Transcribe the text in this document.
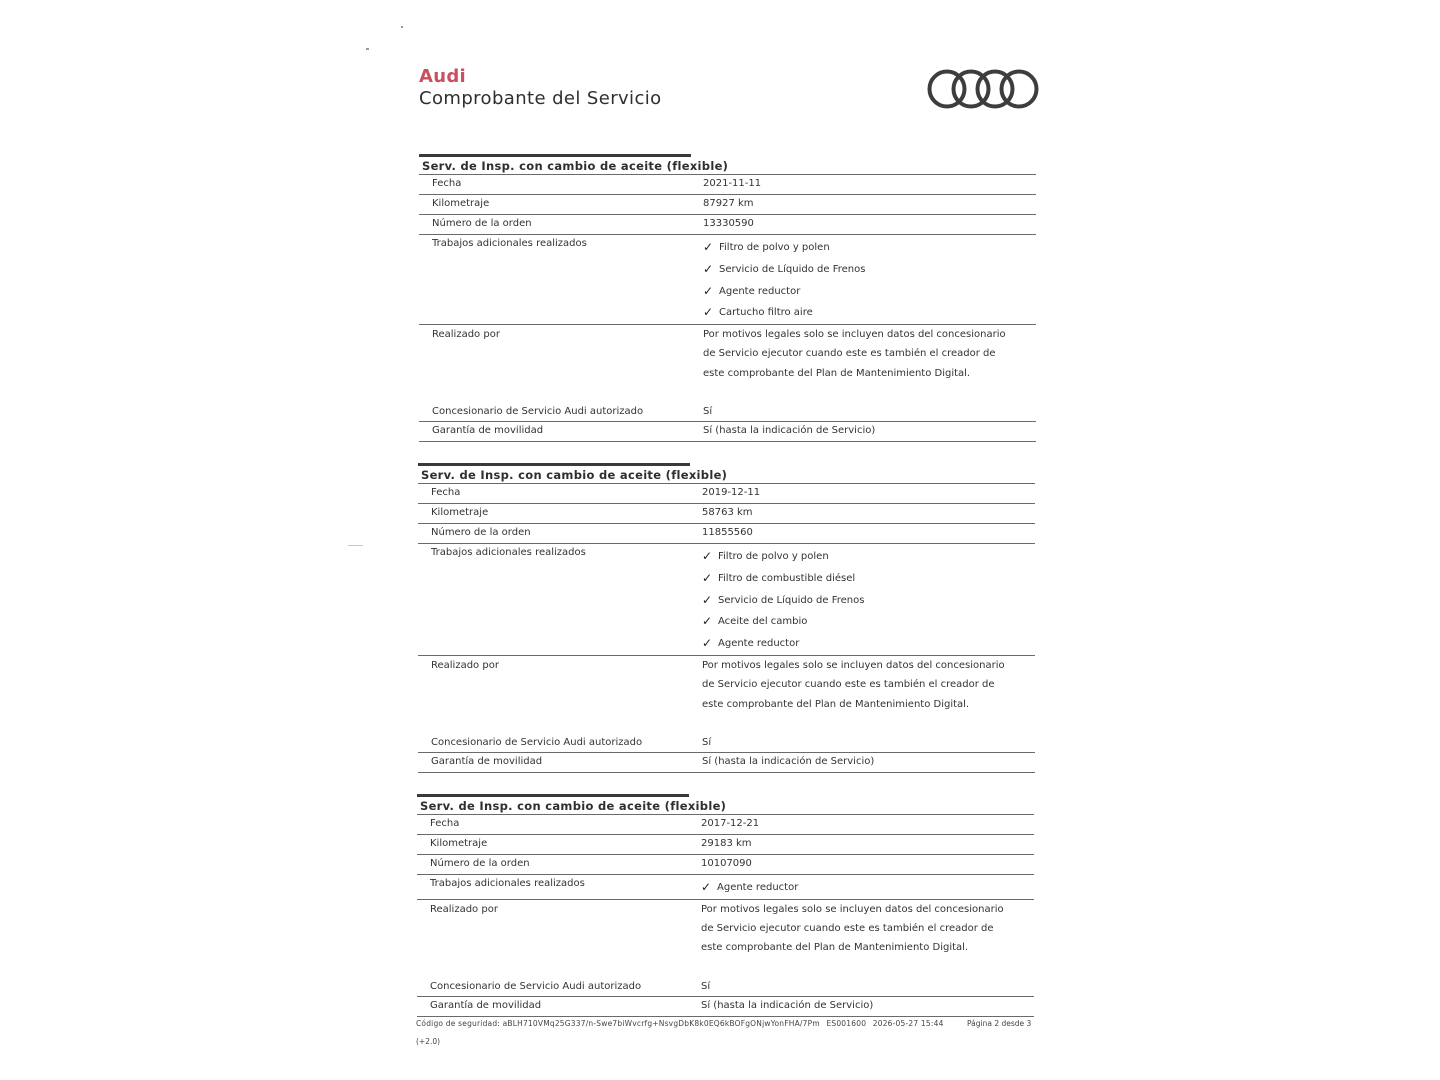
Audi
Comprobante del Servicio
Serv. de Insp. con cambio de aceite (flexible)
Fecha	2021-11-11
Kilometraje	87927 km
Número de la orden	13330590
Trabajos adicionales realizados	✓ Filtro de polvo y polen
✓ Servicio de Líquido de Frenos
✓ Agente reductor
✓ Cartucho filtro aire
Realizado por	Por motivos legales solo se incluyen datos del concesionario de Servicio ejecutor cuando este es también el creador de este comprobante del Plan de Mantenimiento Digital.
Concesionario de Servicio Audi autorizado	Sí
Garantía de movilidad	Sí (hasta la indicación de Servicio)
Serv. de Insp. con cambio de aceite (flexible)
Fecha	2019-12-11
Kilometraje	58763 km
Número de la orden	11855560
Trabajos adicionales realizados	✓ Filtro de polvo y polen
✓ Filtro de combustible diésel
✓ Servicio de Líquido de Frenos
✓ Aceite del cambio
✓ Agente reductor
Realizado por	Por motivos legales solo se incluyen datos del concesionario de Servicio ejecutor cuando este es también el creador de este comprobante del Plan de Mantenimiento Digital.
Concesionario de Servicio Audi autorizado	Sí
Garantía de movilidad	Sí (hasta la indicación de Servicio)
Serv. de Insp. con cambio de aceite (flexible)
Fecha	2017-12-21
Kilometraje	29183 km
Número de la orden	10107090
Trabajos adicionales realizados	✓ Agente reductor
Realizado por	Por motivos legales solo se incluyen datos del concesionario de Servicio ejecutor cuando este es también el creador de este comprobante del Plan de Mantenimiento Digital.
Concesionario de Servicio Audi autorizado	Sí
Garantía de movilidad	Sí (hasta la indicación de Servicio)
Código de seguridad: aBLH710VMq25G337/n-Swe7biWvcrfg+NsvgDbK8k0EQ6kBOFgONjwYonFHA/7Pm ES001600 2026-05-27 15:44
(+2.0)
Página 2 desde 3
